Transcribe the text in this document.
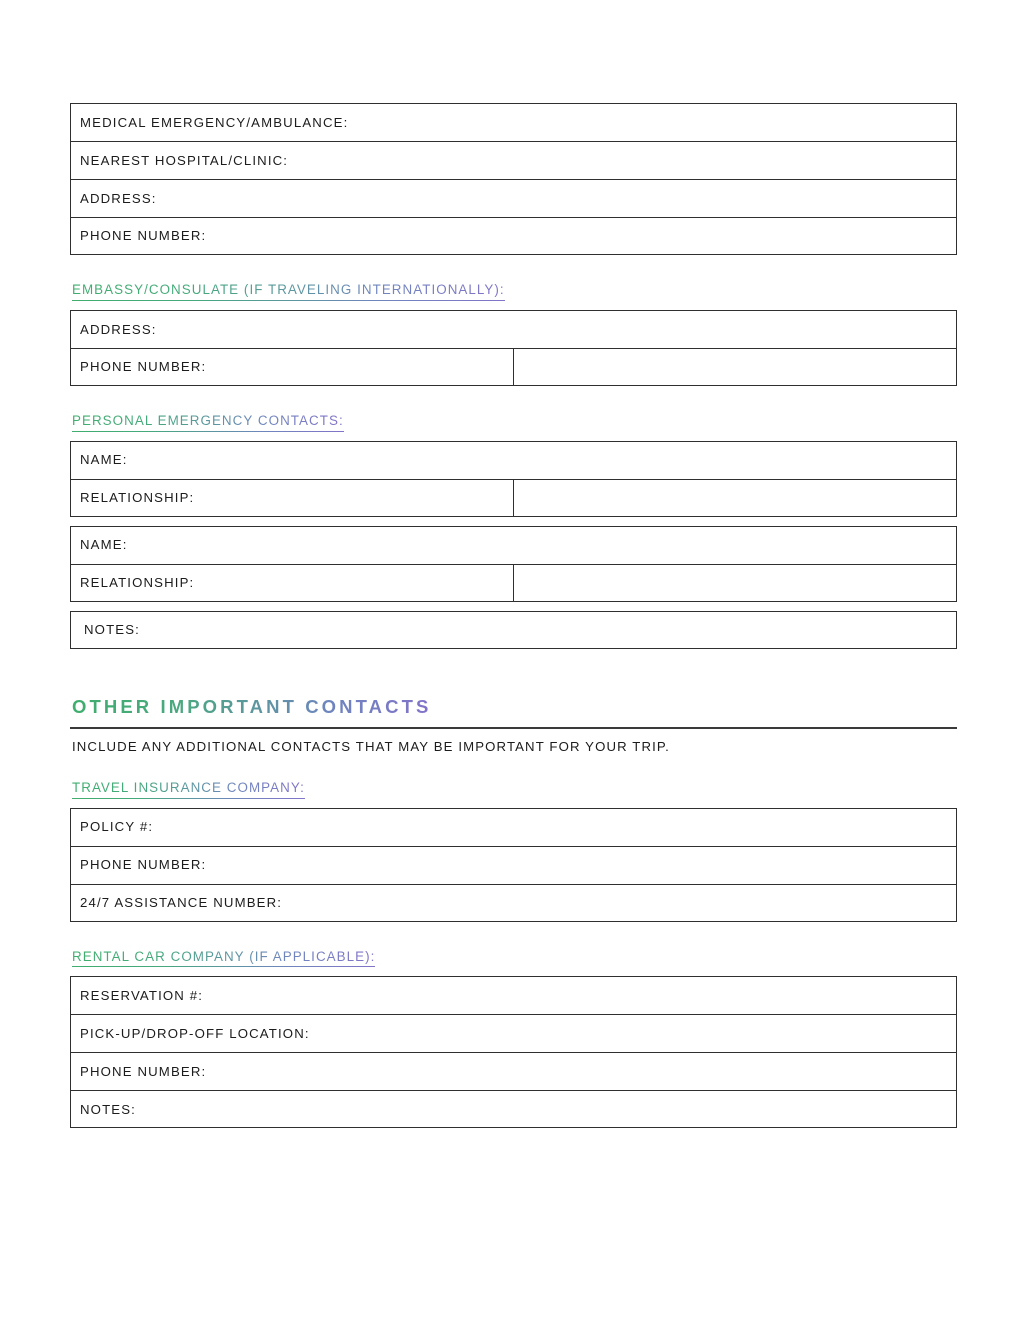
MEDICAL EMERGENCY/AMBULANCE:
NEAREST HOSPITAL/CLINIC:
ADDRESS:
PHONE NUMBER:
EMBASSY/CONSULATE (IF TRAVELING INTERNATIONALLY):
ADDRESS:
PHONE NUMBER:
PERSONAL EMERGENCY CONTACTS:
NAME:
RELATIONSHIP:
NAME:
RELATIONSHIP:
NOTES:
OTHER IMPORTANT CONTACTS
INCLUDE ANY ADDITIONAL CONTACTS THAT MAY BE IMPORTANT FOR YOUR TRIP.
TRAVEL INSURANCE COMPANY:
POLICY #:
PHONE NUMBER:
24/7 ASSISTANCE NUMBER:
RENTAL CAR COMPANY (IF APPLICABLE):
RESERVATION #:
PICK-UP/DROP-OFF LOCATION:
PHONE NUMBER:
NOTES:
